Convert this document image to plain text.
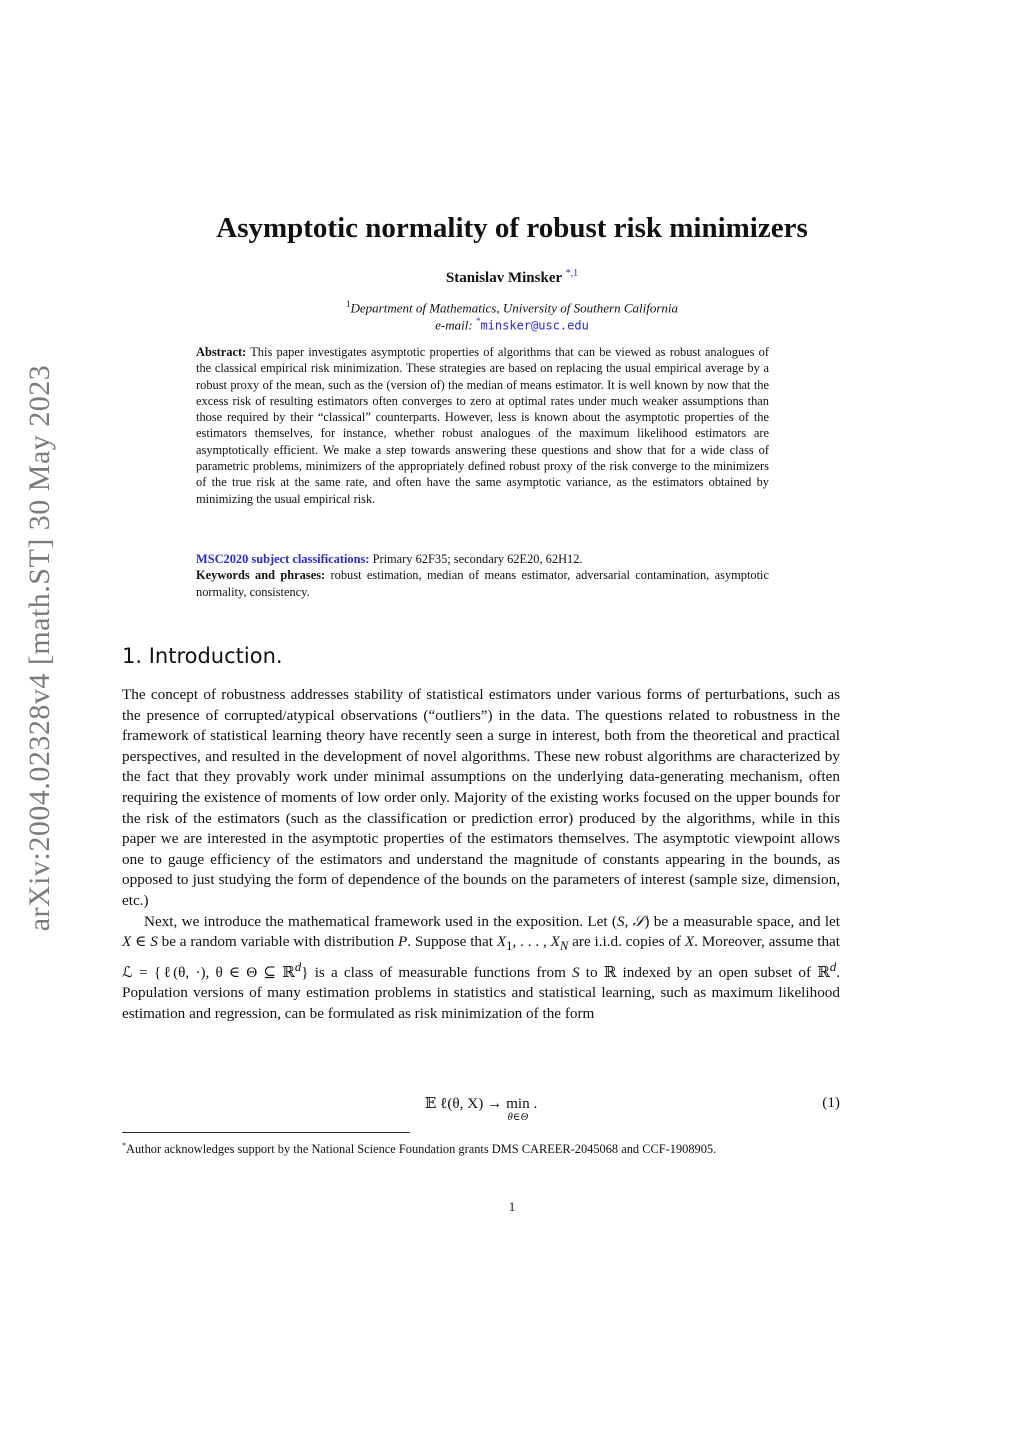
arXiv:2004.02328v4 [math.ST] 30 May 2023
Asymptotic normality of robust risk minimizers
Stanislav Minsker $^{*,1}$
$^1$Department of Mathematics, University of Southern California
e-mail: *minsker@usc.edu
Abstract: This paper investigates asymptotic properties of algorithms that can be viewed as robust analogues of the classical empirical risk minimization. These strategies are based on replacing the usual empirical average by a robust proxy of the mean, such as the (version of) the median of means estimator. It is well known by now that the excess risk of resulting estimators often converges to zero at optimal rates under much weaker assumptions than those required by their “classical” counterparts. However, less is known about the asymptotic properties of the estimators themselves, for instance, whether robust analogues of the maximum likelihood estimators are asymptotically efficient. We make a step towards answering these questions and show that for a wide class of parametric problems, minimizers of the appropriately defined robust proxy of the risk converge to the minimizers of the true risk at the same rate, and often have the same asymptotic variance, as the estimators obtained by minimizing the usual empirical risk.
MSC2020 subject classifications: Primary 62F35; secondary 62E20, 62H12.
Keywords and phrases: robust estimation, median of means estimator, adversarial contamination, asymptotic normality, consistency.
1. Introduction.

The concept of robustness addresses stability of statistical estimators under various forms of perturbations, such as the presence of corrupted/atypical observations (“outliers”) in the data. The questions related to robustness in the framework of statistical learning theory have recently seen a surge in interest, both from the theoretical and practical perspectives, and resulted in the development of novel algorithms. These new robust algorithms are characterized by the fact that they provably work under minimal assumptions on the underlying data-generating mechanism, often requiring the existence of moments of low order only. Majority of the existing works focused on the upper bounds for the risk of the estimators (such as the classification or prediction error) produced by the algorithms, while in this paper we are interested in the asymptotic properties of the estimators themselves. The asymptotic viewpoint allows one to gauge efficiency of the estimators and understand the magnitude of constants appearing in the bounds, as opposed to just studying the form of dependence of the bounds on the parameters of interest (sample size, dimension, etc.)

Next, we introduce the mathematical framework used in the exposition. Let (S, 𝒮) be a measurable space, and let X ∈ S be a random variable with distribution P. Suppose that $X_1$, . . . , $X_N$ are i.i.d. copies of X. Moreover, assume that ℒ = {ℓ(θ, ·), θ ∈ Θ ⊆ ℝ$^d$} is a class of measurable functions from S to ℝ indexed by an open subset of ℝ$^d$. Population versions of many estimation problems in statistics and statistical learning, such as maximum likelihood estimation and regression, can be formulated as risk minimization of the form

𝔼 ℓ(θ, X) → min
θ∈Θ
.	(1)
*Author acknowledges support by the National Science Foundation grants DMS CAREER-2045068 and CCF-1908905.
1
